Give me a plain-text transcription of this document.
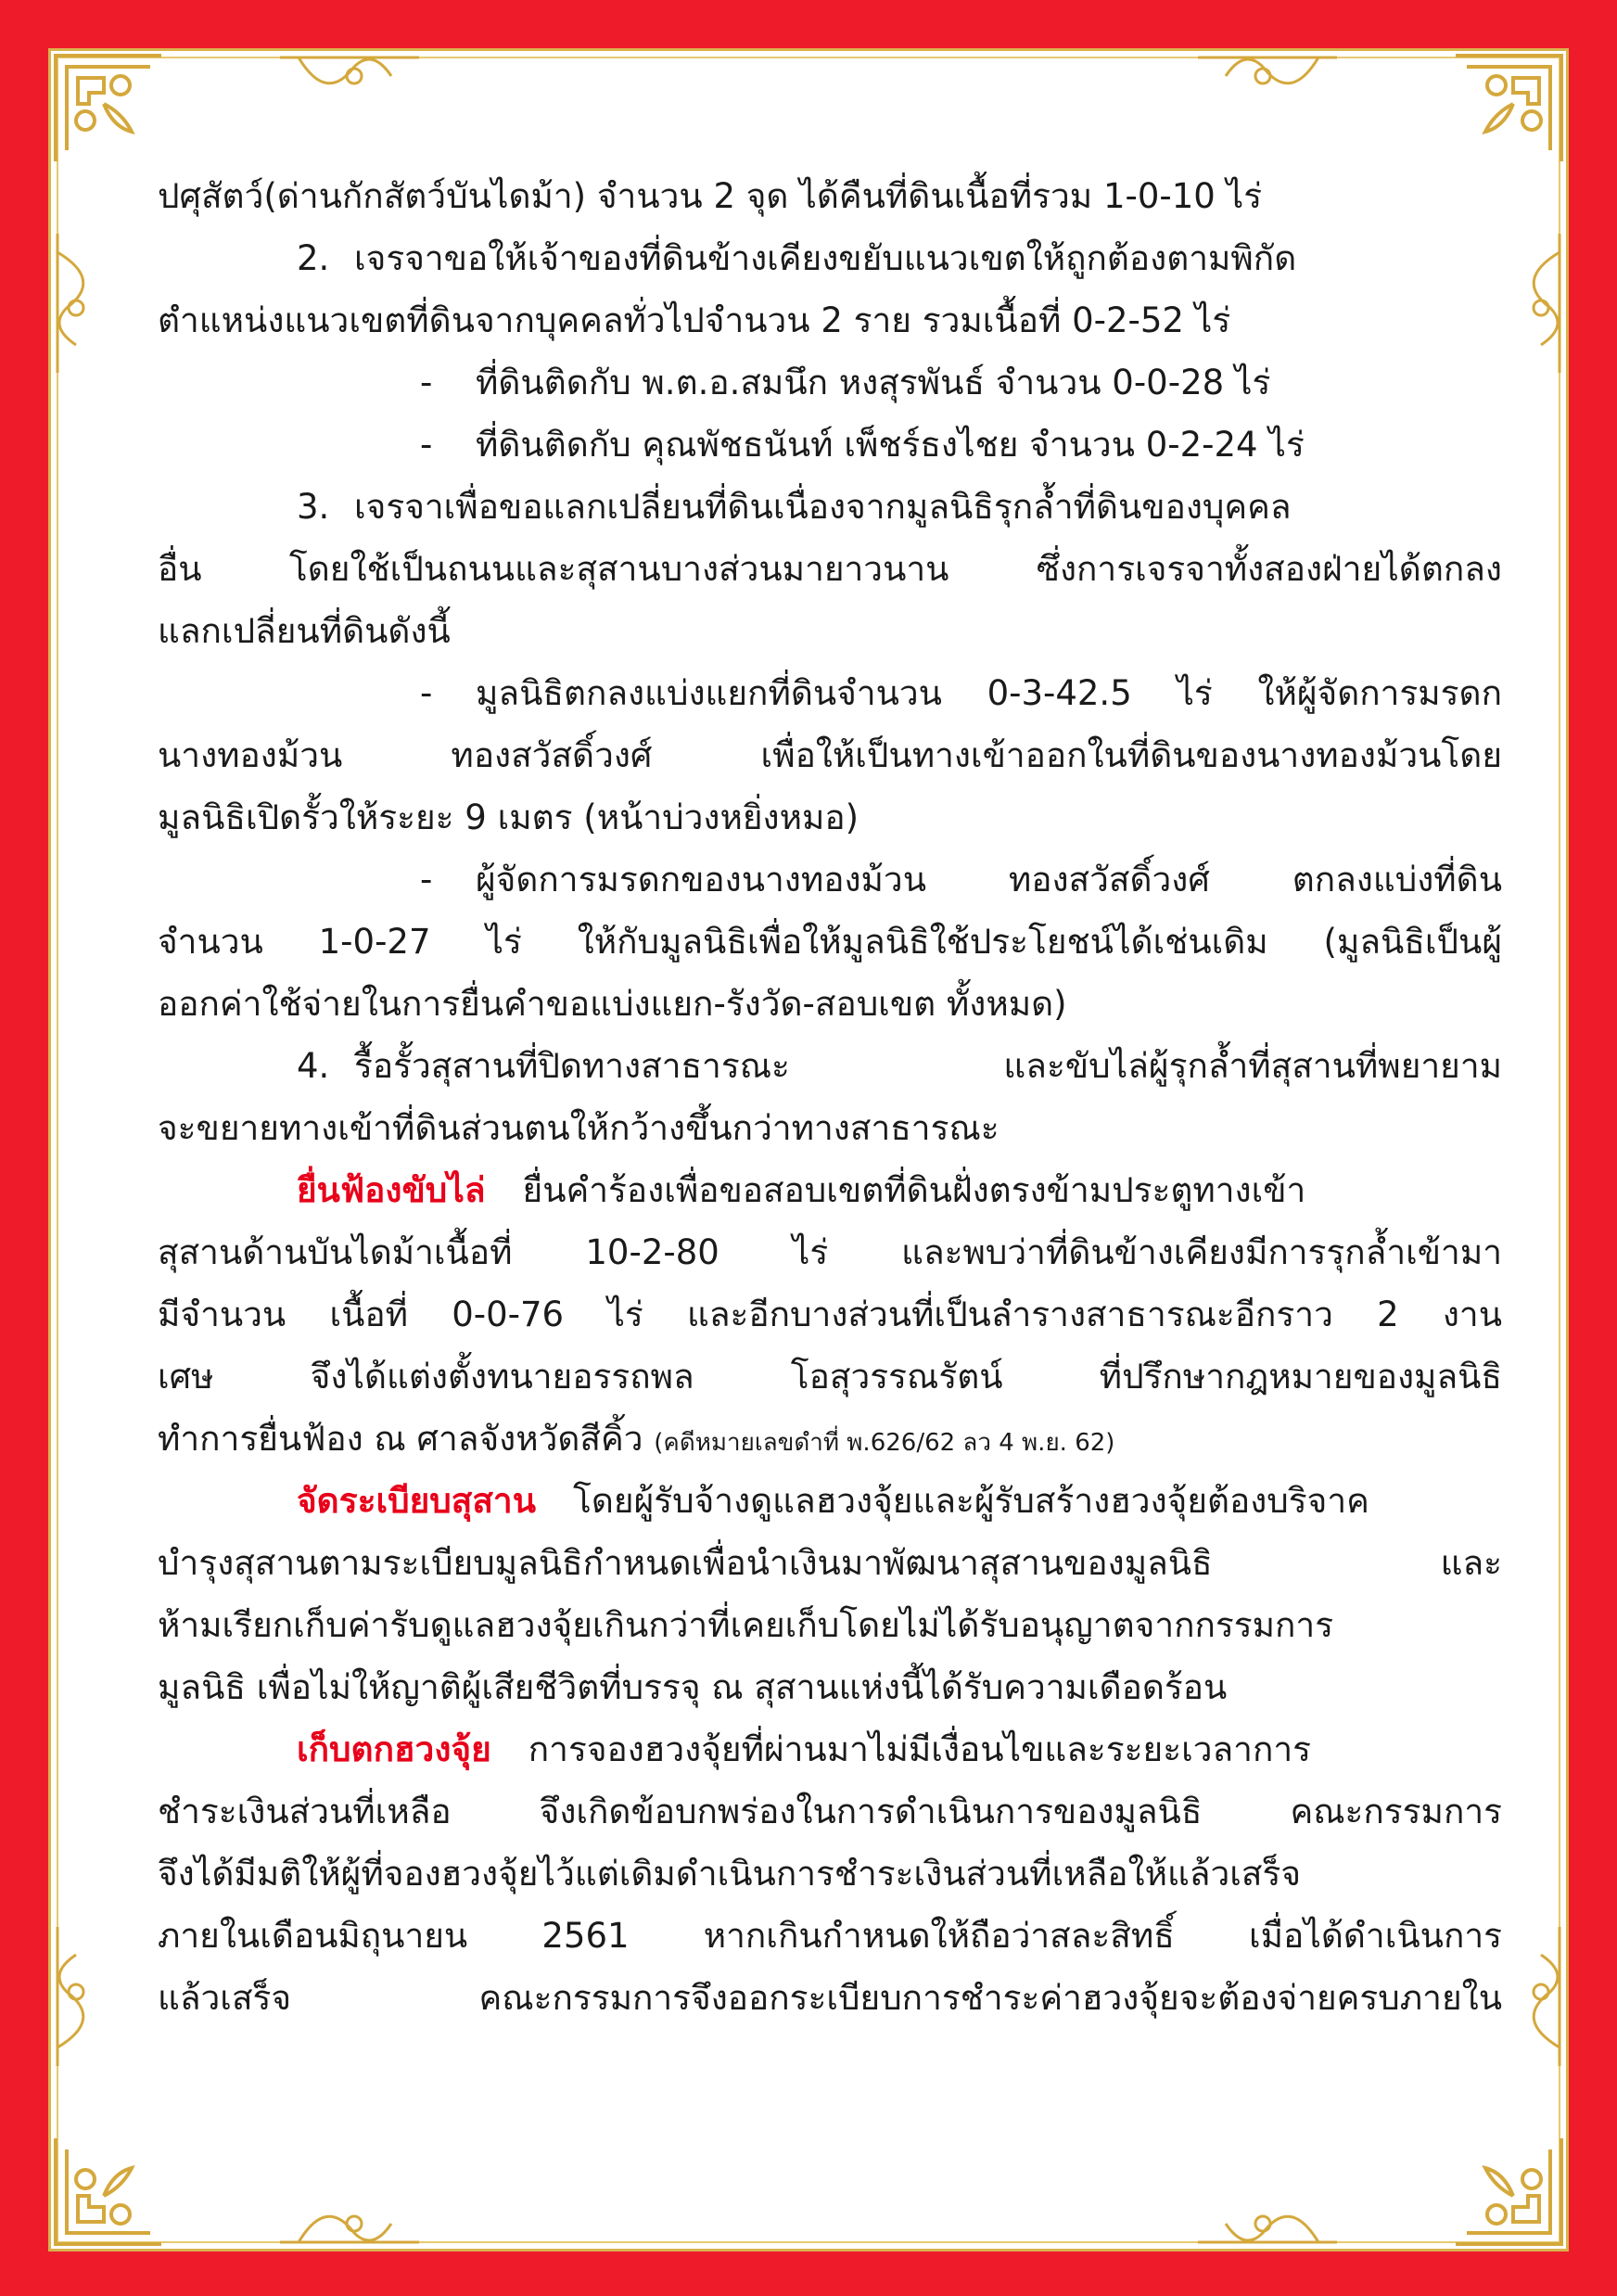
ปศุสัตว์(ด่านกักสัตว์บันไดม้า) จำนวน 2 จุด ได้คืนที่ดินเนื้อที่รวม 1-0-10 ไร่
2. เจรจาขอให้เจ้าของที่ดินข้างเคียงขยับแนวเขตให้ถูกต้องตามพิกัด
ตำแหน่งแนวเขตที่ดินจากบุคคลทั่วไปจำนวน 2 ราย รวมเนื้อที่ 0-2-52 ไร่
- ที่ดินติดกับ พ.ต.อ.สมนึก หงสุรพันธ์ จำนวน 0-0-28 ไร่
- ที่ดินติดกับ คุณพัชธนันท์ เพ็ชร์ธงไชย จำนวน 0-2-24 ไร่
3. เจรจาเพื่อขอแลกเปลี่ยนที่ดินเนื่องจากมูลนิธิรุกล้ำที่ดินของบุคคล
อื่น โดยใช้เป็นถนนและสุสานบางส่วนมายาวนาน ซึ่งการเจรจาทั้งสองฝ่ายได้ตกลง
แลกเปลี่ยนที่ดินดังนี้
- มูลนิธิตกลงแบ่งแยกที่ดินจำนวน 0-3-42.5 ไร่ ให้ผู้จัดการมรดก
นางทองม้วน ทองสวัสดิ์วงศ์ เพื่อให้เป็นทางเข้าออกในที่ดินของนางทองม้วนโดย
มูลนิธิเปิดรั้วให้ระยะ 9 เมตร (หน้าบ่วงหยิ่งหมอ)
- ผู้จัดการมรดกของนางทองม้วน ทองสวัสดิ์วงศ์ ตกลงแบ่งที่ดิน
จำนวน 1-0-27 ไร่ ให้กับมูลนิธิเพื่อให้มูลนิธิใช้ประโยชน์ได้เช่นเดิม (มูลนิธิเป็นผู้
ออกค่าใช้จ่ายในการยื่นคำขอแบ่งแยก-รังวัด-สอบเขต ทั้งหมด)
4. รื้อรั้วสุสานที่ปิดทางสาธารณะ และขับไล่ผู้รุกล้ำที่สุสานที่พยายาม
จะขยายทางเข้าที่ดินส่วนตนให้กว้างขึ้นกว่าทางสาธารณะ
ยื่นฟ้องขับไล่ ยื่นคำร้องเพื่อขอสอบเขตที่ดินฝั่งตรงข้ามประตูทางเข้า
สุสานด้านบันไดม้าเนื้อที่ 10-2-80 ไร่ และพบว่าที่ดินข้างเคียงมีการรุกล้ำเข้ามา
มีจำนวน เนื้อที่ 0-0-76 ไร่ และอีกบางส่วนที่เป็นลำรางสาธารณะอีกราว 2 งาน
เศษ จึงได้แต่งตั้งทนายอรรถพล โอสุวรรณรัตน์ ที่ปรึกษากฎหมายของมูลนิธิ
ทำการยื่นฟ้อง ณ ศาลจังหวัดสีคิ้ว (คดีหมายเลขดำที่ พ.626/62 ลว 4 พ.ย. 62)
จัดระเบียบสุสาน โดยผู้รับจ้างดูแลฮวงจุ้ยและผู้รับสร้างฮวงจุ้ยต้องบริจาค
บำรุงสุสานตามระเบียบมูลนิธิกำหนดเพื่อนำเงินมาพัฒนาสุสานของมูลนิธิ และ
ห้ามเรียกเก็บค่ารับดูแลฮวงจุ้ยเกินกว่าที่เคยเก็บโดยไม่ได้รับอนุญาตจากกรรมการ
มูลนิธิ เพื่อไม่ให้ญาติผู้เสียชีวิตที่บรรจุ ณ สุสานแห่งนี้ได้รับความเดือดร้อน
เก็บตกฮวงจุ้ย การจองฮวงจุ้ยที่ผ่านมาไม่มีเงื่อนไขและระยะเวลาการ
ชำระเงินส่วนที่เหลือ จึงเกิดข้อบกพร่องในการดำเนินการของมูลนิธิ คณะกรรมการ
จึงได้มีมติให้ผู้ที่จองฮวงจุ้ยไว้แต่เดิมดำเนินการชำระเงินส่วนที่เหลือให้แล้วเสร็จ
ภายในเดือนมิถุนายน 2561 หากเกินกำหนดให้ถือว่าสละสิทธิ์ เมื่อได้ดำเนินการ
แล้วเสร็จ คณะกรรมการจึงออกระเบียบการชำระค่าฮวงจุ้ยจะต้องจ่ายครบภายใน
